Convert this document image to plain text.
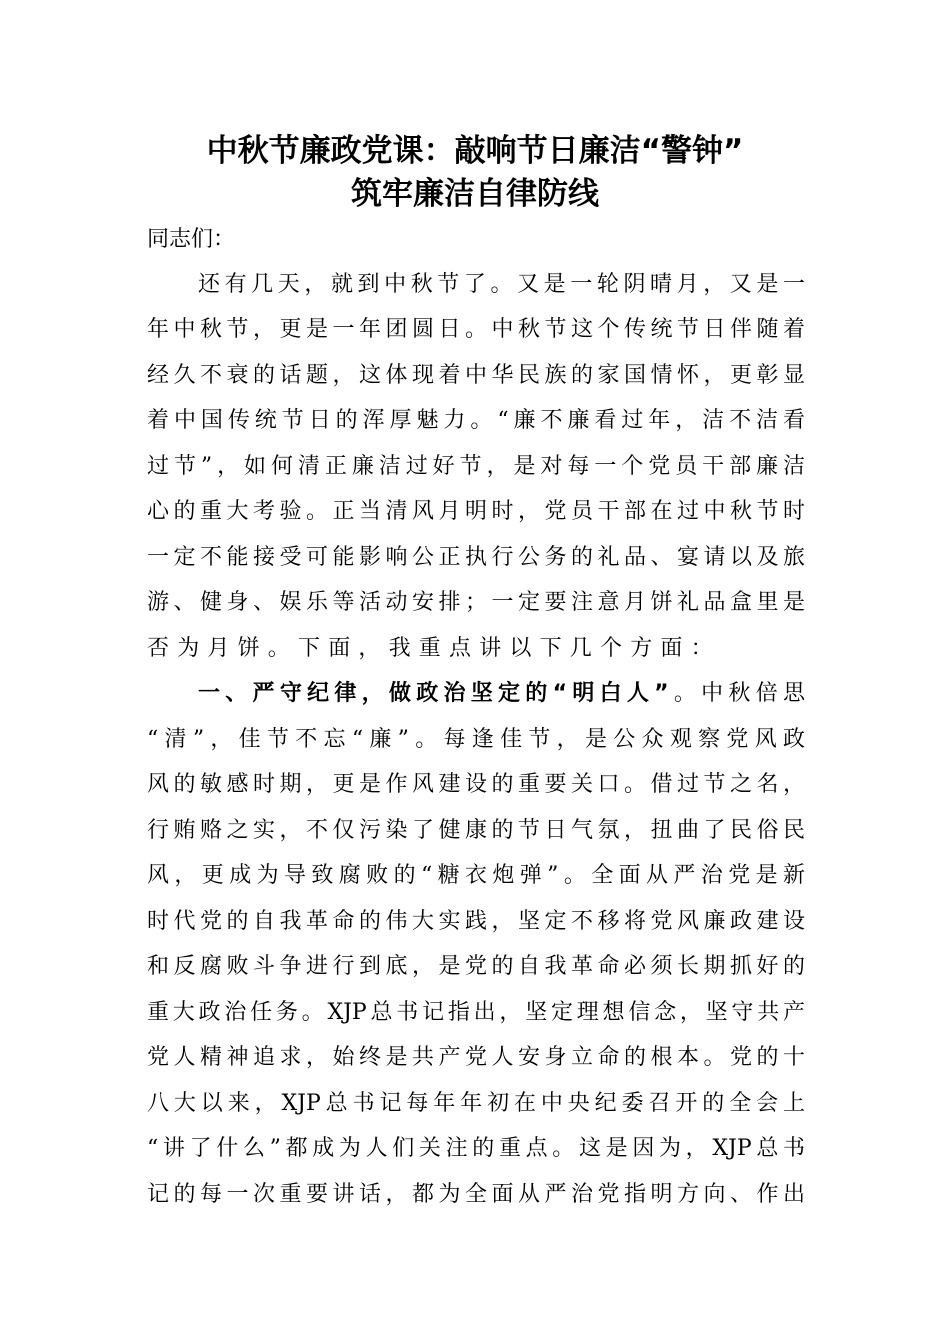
中秋节廉政党课：敲响节日廉洁“警钟”
筑牢廉洁自律防线
同志们：
还有几天，就到中秋节了。又是一轮阴晴月，又是一
年中秋节，更是一年团圆日。中秋节这个传统节日伴随着
经久不衰的话题，这体现着中华民族的家国情怀，更彰显
着中国传统节日的浑厚魅力。“廉不廉看过年，洁不洁看
过节”，如何清正廉洁过好节，是对每一个党员干部廉洁
心的重大考验。正当清风月明时，党员干部在过中秋节时
一定不能接受可能影响公正执行公务的礼品、宴请以及旅
游、健身、娱乐等活动安排；一定要注意月饼礼品盒里是
否为月饼。下面，我重点讲以下几个方面：
一、严守纪律，做政治坚定的“明白人”。中秋倍思
“清”，佳节不忘“廉”。每逢佳节，是公众观察党风政
风的敏感时期，更是作风建设的重要关口。借过节之名，
行贿赂之实，不仅污染了健康的节日气氛，扭曲了民俗民
风，更成为导致腐败的“糖衣炮弹”。全面从严治党是新
时代党的自我革命的伟大实践，坚定不移将党风廉政建设
和反腐败斗争进行到底，是党的自我革命必须长期抓好的
重大政治任务。XJP总书记指出，坚定理想信念，坚守共产
党人精神追求，始终是共产党人安身立命的根本。党的十
八大以来，XJP总书记每年年初在中央纪委召开的全会上
“讲了什么”都成为人们关注的重点。这是因为，XJP总书
记的每一次重要讲话，都为全面从严治党指明方向、作出
